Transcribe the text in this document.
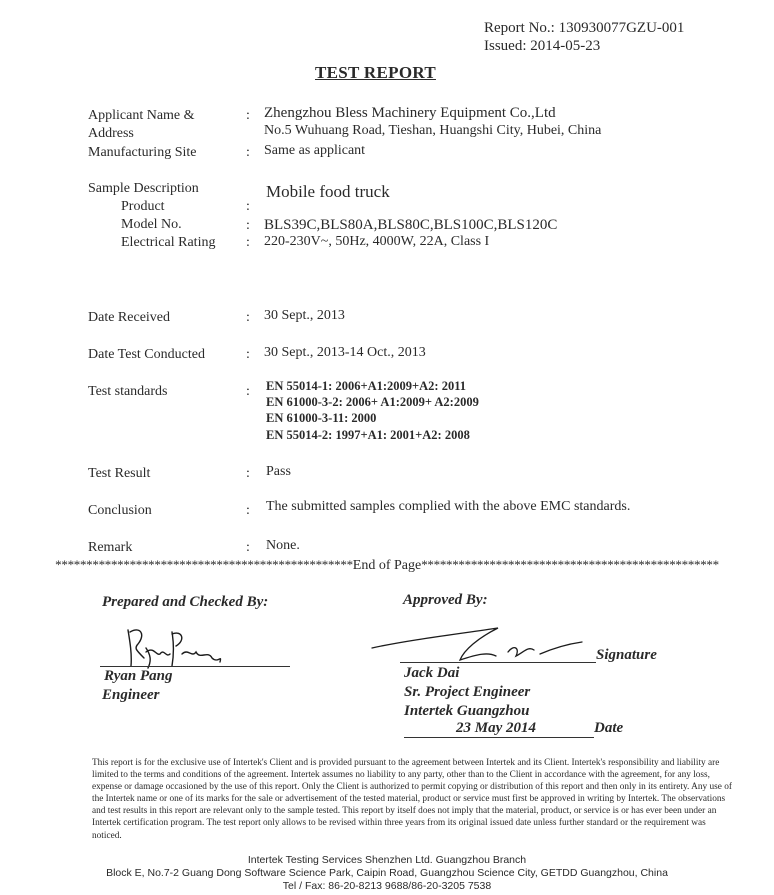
Report No.: 130930077GZU-001
Issued: 2014-05-23
TEST REPORT
Applicant Name &
Address
: Zhengzhou Bless Machinery Equipment Co.,Ltd
No.5 Wuhuang Road, Tieshan, Huangshi City, Hubei, China
Manufacturing Site	: Same as applicant
Sample Description
Product	:
Mobile food truck
Model No.	: BLS39C,BLS80A,BLS80C,BLS100C,BLS120C
Electrical Rating : 220-230V~, 50Hz, 4000W, 22A, Class I
Date Received	: 30 Sept., 2013
Date Test Conducted	: 30 Sept., 2013-14 Oct., 2013
Test standards	: EN 55014-1: 2006+A1:2009+A2: 2011
EN 61000-3-2: 2006+ A1:2009+ A2:2009
EN 61000-3-11: 2000
EN 55014-2: 1997+A1: 2001+A2: 2008
Test Result	: Pass
Conclusion	: The submitted samples complied with the above EMC standards.
Remark	: None.
************************************************End of Page************************************************
Prepared and Checked By:	Approved By:
Ryan Pang
Engineer
Signature
Jack Dai
Sr. Project Engineer
Intertek Guangzhou
23 May 2014	Date
This report is for the exclusive use of Intertek's Client and is provided pursuant to the agreement between Intertek and its Client. Intertek's responsibility and liability are limited to the terms and conditions of the agreement. Intertek assumes no liability to any party, other than to the Client in accordance with the agreement, for any loss, expense or damage occasioned by the use of this report. Only the Client is authorized to permit copying or distribution of this report and then only in its entirety. Any use of the Intertek name or one of its marks for the sale or advertisement of the tested material, product or service must first be approved in writing by Intertek. The observations and test results in this report are relevant only to the sample tested. This report by itself does not imply that the material, product, or service is or has ever been under an Intertek certification program. The test report only allows to be revised within three years from its original issued date unless further standard or the requirement was noticed.
Intertek Testing Services Shenzhen Ltd. Guangzhou Branch
Block E, No.7-2 Guang Dong Software Science Park, Caipin Road, Guangzhou Science City, GETDD Guangzhou, China
Tel / Fax: 86-20-8213 9688/86-20-3205 7538
